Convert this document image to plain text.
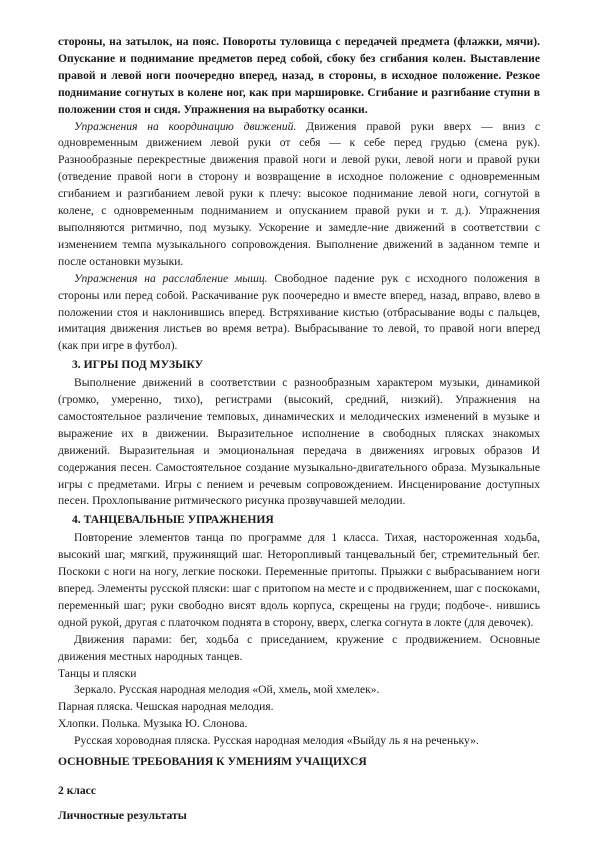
стороны, на затылок, на пояс. Повороты туловища с передачей предмета (флажки, мячи). Опускание и поднимание предметов перед собой, сбоку без сгибания колен. Выставление правой и левой ноги поочередно вперед, назад, в стороны, в исходное положение. Резкое поднимание согнутых в колене ног, как при маршировке. Сгибание и разгибание ступни в положении стоя и сидя. Упражнения на выработку осанки.

Упражнения на координацию движений. Движения правой руки вверх — вниз с одновременным движением левой руки от себя — к себе перед грудью (смена рук). Разнообразные перекрестные движения правой ноги и левой руки, левой ноги и правой руки (отведение правой ноги в сторону и возвращение в исходное положение с одновременным сгибанием и разгибанием левой руки к плечу: высокое поднимание левой ноги, согнутой в колене, с одновременным подниманием и опусканием правой руки и т. д.). Упражнения выполняются ритмично, под музыку. Ускорение и замедле-ние движений в соответствии с изменением темпа музыкального сопровождения. Выполнение движений в заданном темпе и после остановки музыки.

Упражнения на расслабление мышц. Свободное падение рук с исходного положения в стороны или перед собой. Раскачивание рук поочередно и вместе вперед, назад, вправо, влево в положении стоя и наклонившись вперед. Встряхивание кистью (отбрасывание воды с пальцев, имитация движения листьев во время ветра). Выбрасывание то левой, то правой ноги вперед (как при игре в футбол).

3. ИГРЫ ПОД МУЗЫКУ

Выполнение движений в соответствии с разнообразным характером музыки, динамикой (громко, умеренно, тихо), регистрами (высокий, средний, низкий). Упражнения на самостоятельное различение темповых, динамических и мелодических изменений в музыке и выражение их в движении. Выразительное исполнение в свободных плясках знакомых движений. Выразительная и эмоциональная передача в движениях игровых образов И содержания песен. Самостоятельное создание музыкально-двигательного образа. Музыкальные игры с предметами. Игры с пением и речевым сопровождением. Инсценирование доступных песен. Прохлопывание ритмического рисунка прозвучавшей мелодии.

4. ТАНЦЕВАЛЬНЫЕ УПРАЖНЕНИЯ

Повторение элементов танца по программе для 1 класса. Тихая, настороженная ходьба, высокий шаг, мягкий, пружинящий шаг. Неторопливый танцевальный бег, стремительный бег. Поскоки с ноги на ногу, легкие поскоки. Переменные притопы. Прыжки с выбрасыванием ноги вперед. Элементы русской пляски: шаг с притопом на месте и с продвижением, шаг с поскоками, переменный шаг; руки свободно висят вдоль корпуса, скрещены на груди; подбоче-. нившись одной рукой, другая с платочком поднята в сторону, вверх, слегка согнута в локте (для девочек).

Движения парами: бег, ходьба с приседанием, кружение с продвижением. Основные движения местных народных танцев.

Танцы и пляски
Зеркало. Русская народная мелодия «Ой, хмель, мой хмелек».
Парная пляска. Чешская народная мелодия.
Хлопки. Полька. Музыка Ю. Слонова.
Русская хороводная пляска. Русская народная мелодия «Выйду ль я на реченьку».
ОСНОВНЫЕ ТРЕБОВАНИЯ К УМЕНИЯМ УЧАЩИХСЯ
2 класс
Личностные результаты
